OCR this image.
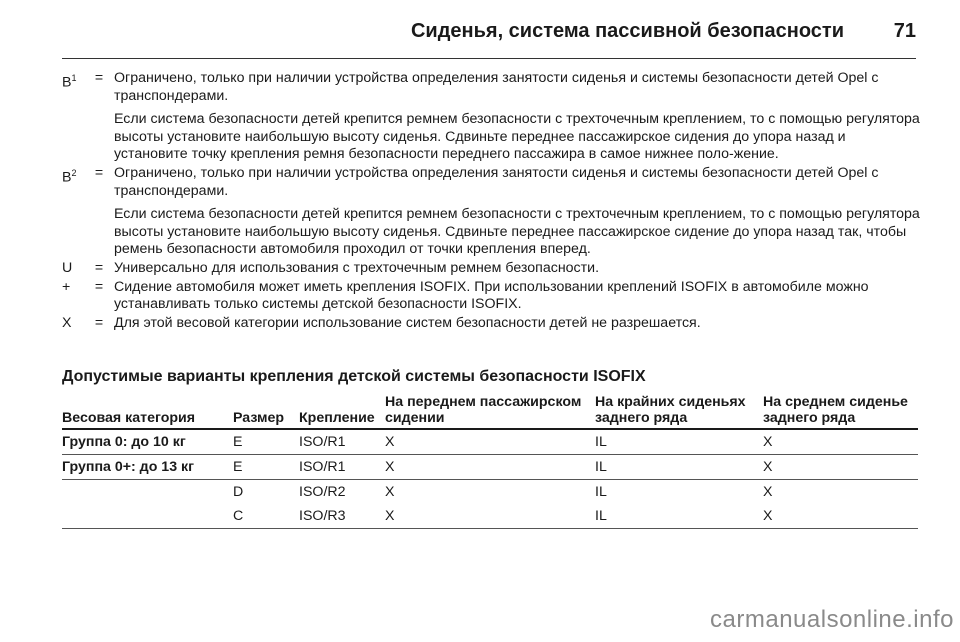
Сиденья, система пассивной безопасности 71
$B^1$	= Ограничено, только при наличии устройства определения занятости сиденья и системы безопасности детей Opel с транспондерами.

Если система безопасности детей крепится ремнем безопасности с трехточечным креплением, то с помощью регулятора высоты установите наибольшую высоту сиденья. Сдвиньте переднее пассажирское сидения до упора назад и установите точку крепления ремня безопасности переднего пассажира в самое нижнее поло-жение.

$B^2$	= Ограничено, только при наличии устройства определения занятости сиденья и системы безопасности детей Opel с транспондерами.

Если система безопасности детей крепится ремнем безопасности с трехточечным креплением, то с помощью регулятора высоты установите наибольшую высоту сиденья. Сдвиньте переднее пассажирское сидение до упора назад так, чтобы ремень безопасности автомобиля проходил от точки крепления вперед.

U	= Универсально для использования с трехточечным ремнем безопасности.

+	= Сидение автомобиля может иметь крепления ISOFIX. При использовании креплений ISOFIX в автомобиле можно устанавливать только системы детской безопасности ISOFIX.

X	= Для этой весовой категории использование систем безопасности детей не разрешается.

Допустимые варианты крепления детской системы безопасности ISOFIX
Весовая категория	Размер	Крепление	На переднем пассажирском сидении	На крайних сиденьях заднего ряда	На среднем сиденье заднего ряда
Группа 0: до 10 кг	E	ISO/R1	X	IL	X
Группа 0+: до 13 кг	E	ISO/R1	X	IL	X
	D	ISO/R2	X	IL	X
	C	ISO/R3	X	IL	X
carmanualsonline.info
